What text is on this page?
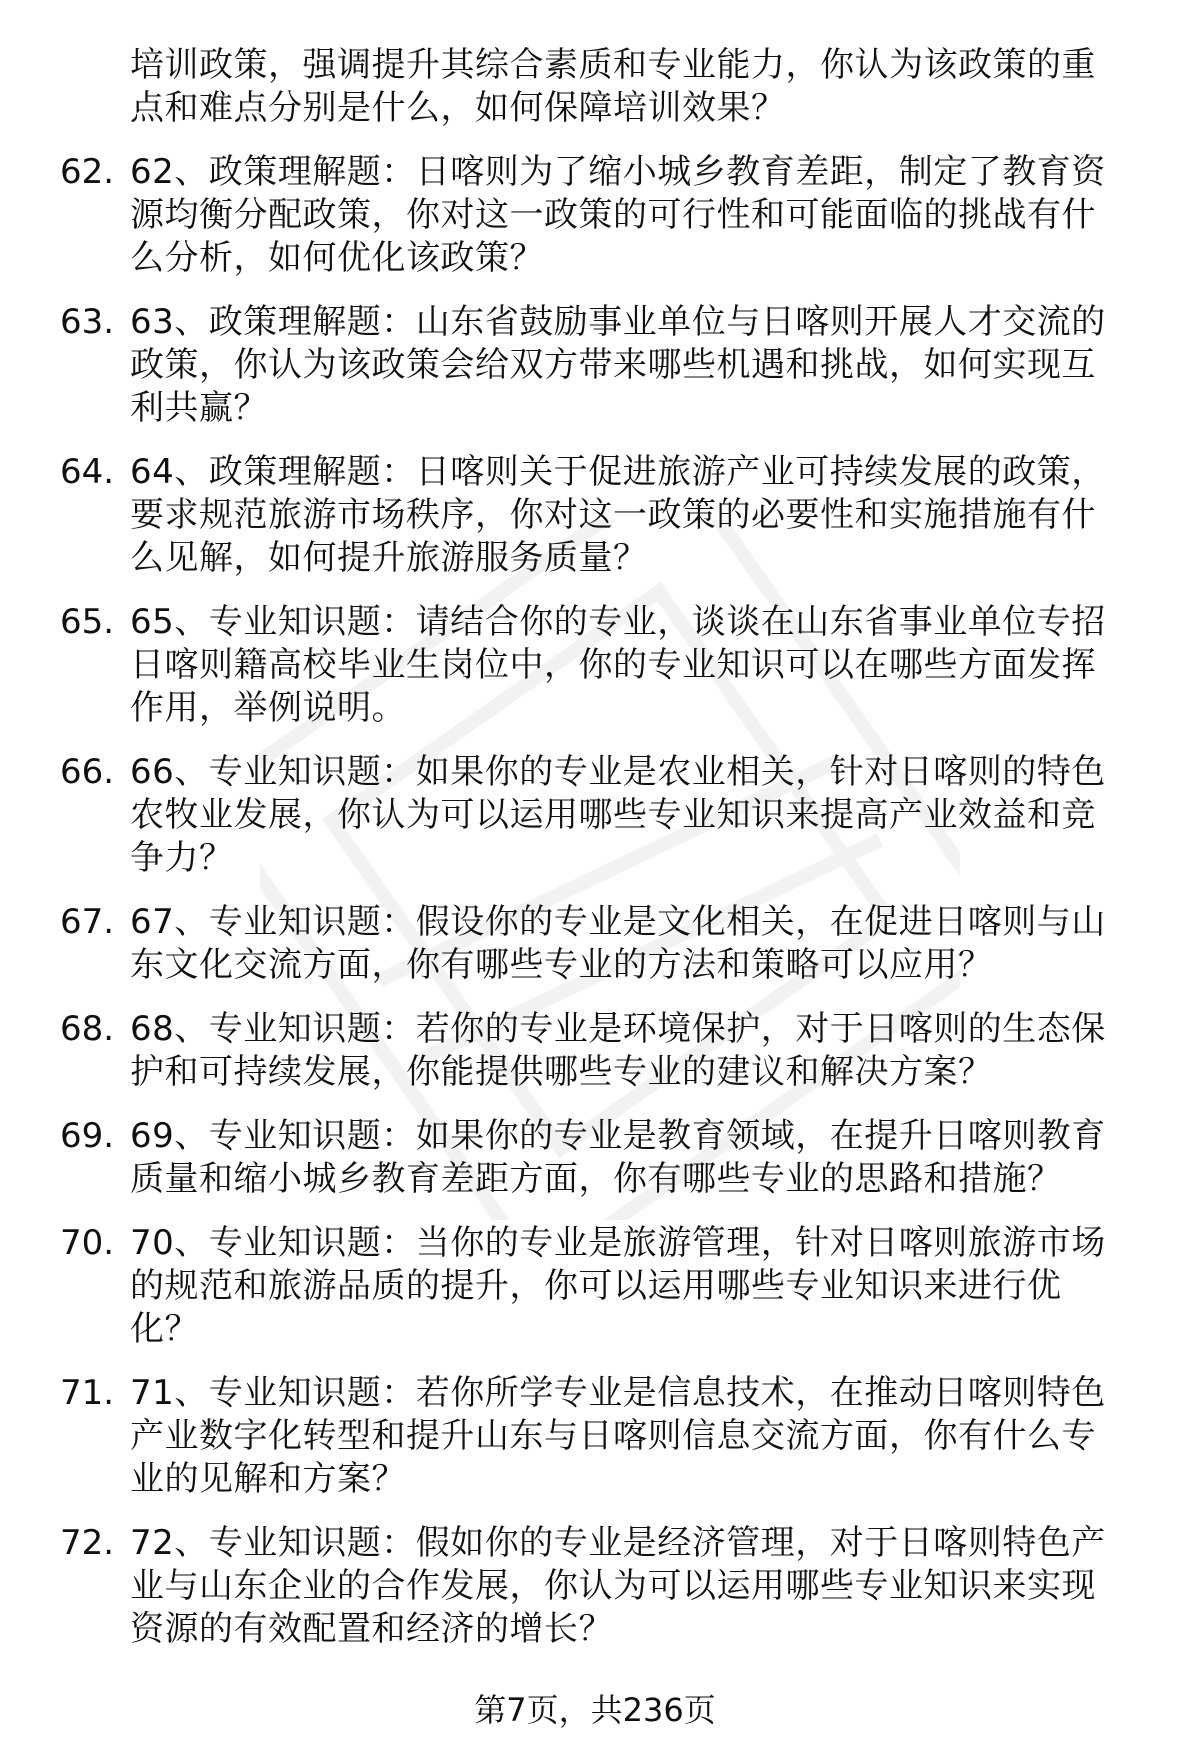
培训政策，强调提升其综合素质和专业能力，你认为该政策的重
点和难点分别是什么，如何保障培训效果？
62. 62、政策理解题：日喀则为了缩小城乡教育差距，制定了教育资
源均衡分配政策，你对这一政策的可行性和可能面临的挑战有什
么分析，如何优化该政策？
63. 63、政策理解题：山东省鼓励事业单位与日喀则开展人才交流的
政策，你认为该政策会给双方带来哪些机遇和挑战，如何实现互
利共赢？
64. 64、政策理解题：日喀则关于促进旅游产业可持续发展的政策，
要求规范旅游市场秩序，你对这一政策的必要性和实施措施有什
么见解，如何提升旅游服务质量？
65. 65、专业知识题：请结合你的专业，谈谈在山东省事业单位专招
日喀则籍高校毕业生岗位中，你的专业知识可以在哪些方面发挥
作用，举例说明。
66. 66、专业知识题：如果你的专业是农业相关，针对日喀则的特色
农牧业发展，你认为可以运用哪些专业知识来提高产业效益和竞
争力？
67. 67、专业知识题：假设你的专业是文化相关，在促进日喀则与山
东文化交流方面，你有哪些专业的方法和策略可以应用？
68. 68、专业知识题：若你的专业是环境保护，对于日喀则的生态保
护和可持续发展，你能提供哪些专业的建议和解决方案？
69. 69、专业知识题：如果你的专业是教育领域，在提升日喀则教育
质量和缩小城乡教育差距方面，你有哪些专业的思路和措施？
70. 70、专业知识题：当你的专业是旅游管理，针对日喀则旅游市场
的规范和旅游品质的提升，你可以运用哪些专业知识来进行优
化？
71. 71、专业知识题：若你所学专业是信息技术，在推动日喀则特色
产业数字化转型和提升山东与日喀则信息交流方面，你有什么专
业的见解和方案？
72. 72、专业知识题：假如你的专业是经济管理，对于日喀则特色产
业与山东企业的合作发展，你认为可以运用哪些专业知识来实现
资源的有效配置和经济的增长？
第7页，共236页
